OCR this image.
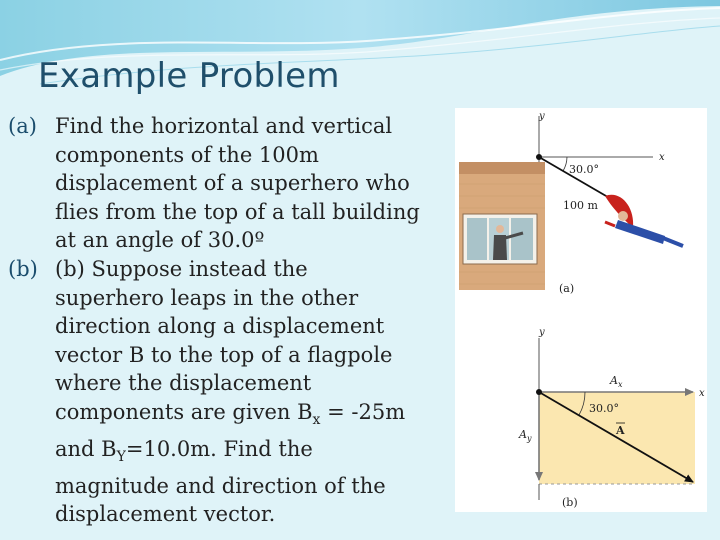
Example Problem
(a) Find the horizontal and vertical components of the 100m displacement of a superhero who flies from the top of a tall building at an angle of 30.0º
(b) (b) Suppose instead the superhero leaps in the other direction along a displacement vector B to the top of a flagpole where the displacement components are given $B_x = -25m$ and $B_Y=10.0m$. Find the magnitude and direction of the displacement vector.
y
x
30.0°
100 m
(a)
y
x
$A_x$
$A_y$
30.0°
A
(b)
